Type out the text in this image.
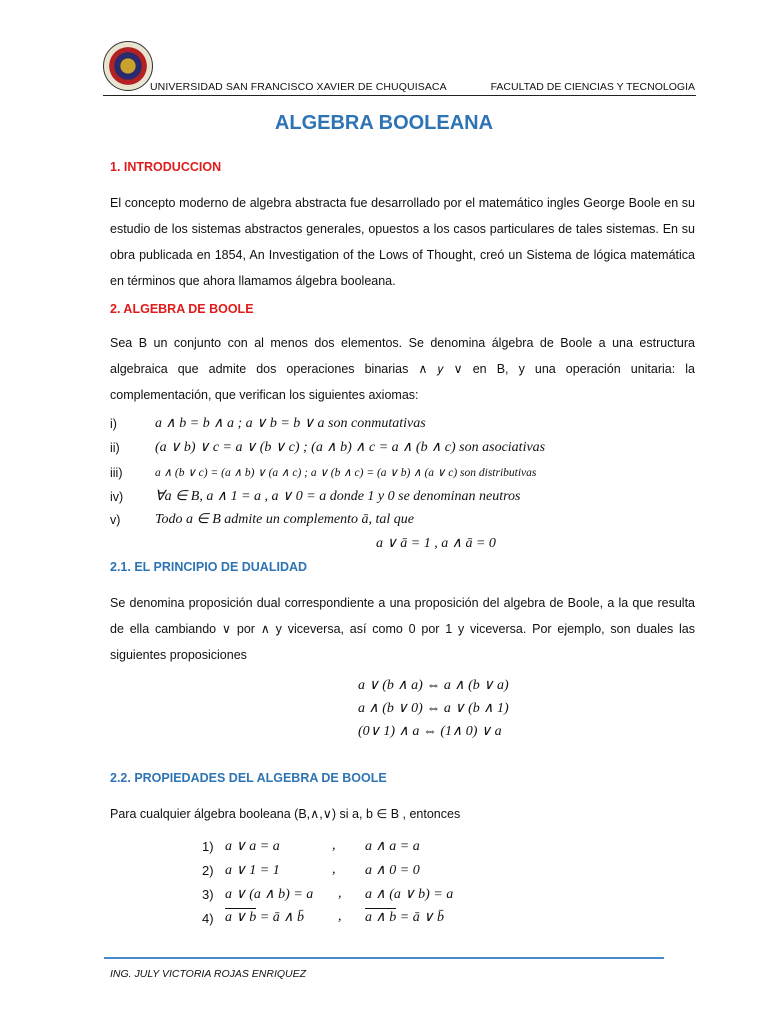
UNIVERSIDAD SAN FRANCISCO XAVIER DE CHUQUISACA	FACULTAD DE CIENCIAS Y TECNOLOGIA
ALGEBRA BOOLEANA
1. INTRODUCCION
El concepto moderno de algebra abstracta fue desarrollado por el matemático ingles George Boole en su estudio de los sistemas abstractos generales, opuestos a los casos particulares de tales sistemas. En su obra publicada en 1854, An Investigation of the Lows of Thought, creó un Sistema de lógica matemática en términos que ahora llamamos álgebra booleana.
2. ALGEBRA DE BOOLE
Sea B un conjunto con al menos dos elementos. Se denomina álgebra de Boole a una estructura algebraica que admite dos operaciones binarias ∧ 𝑦 ∨ en B, y una operación unitaria: la complementación, que verifican los siguientes axiomas:
i)	a ∧ b = b ∧ a ; a ∨ b = b ∨ a son conmutativas
ii)	(a ∨ b) ∨ c = a ∨ (b ∨ c) ; (a ∧ b) ∧ c = a ∧ (b ∧ c) son asociativas
iii)	a ∧ (b ∨ c) = (a ∧ b) ∨ (a ∧ c) ; a ∨ (b ∧ c) = (a ∨ b) ∧ (a ∨ c) son distributivas
iv) ∀a ∈ B, a ∧ 1 = a , a ∨ 0 = a donde 1 y 0 se denominan neutros
v) Todo a ∈ B admite un complemento ā, tal que
a ∨ ā = 1 , a ∧ ā = 0
2.1. EL PRINCIPIO DE DUALIDAD
Se denomina proposición dual correspondiente a una proposición del algebra de Boole, a la que resulta de ella cambiando ∨ por ∧ y viceversa, así como 0 por 1 y viceversa. Por ejemplo, son duales las siguientes proposiciones
a ∨ (b ∧ a) ⇔ a ∧ (b ∨ a)
a ∧ (b ∨ 0) ⇔ a ∨ (b ∧ 1)
(0∨ 1) ∧ a ⇔ (1∧ 0) ∨ a
2.2. PROPIEDADES DEL ALGEBRA DE BOOLE
Para cualquier álgebra booleana (B,∧,∨) si a, b ∈ B , entonces
1) a ∨ a = a	, a ∧ a = a
2) a ∨ 1 = 1	, a ∧ 0 = 0
3) a ∨ (a ∧ b) = a , a ∧ (a ∨ b) = a
4) a ∨ b = ā ∧ b̄ , a ∧ b = ā ∨ b̄
ING. JULY VICTORIA ROJAS ENRIQUEZ
